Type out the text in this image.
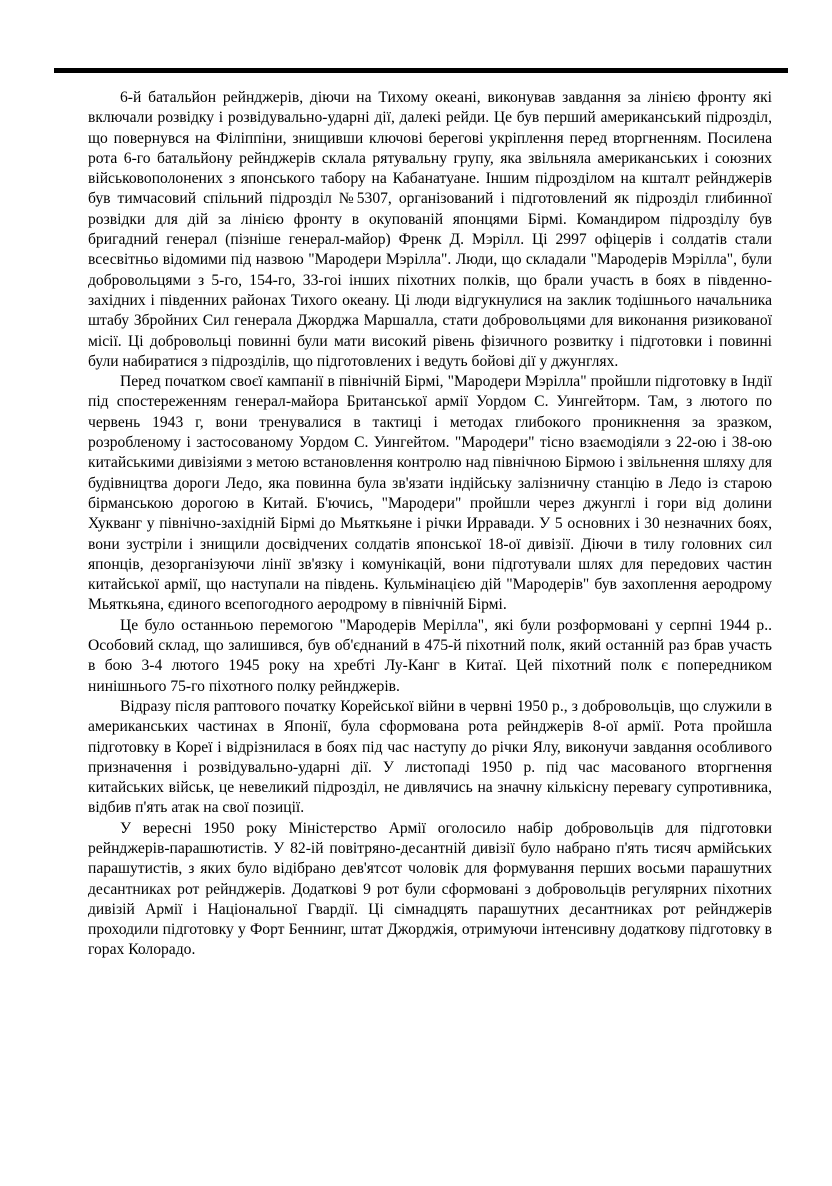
6-й батальйон рейнджерів, діючи на Тихому океані, виконував завдання за лінією фронту які включали розвідку і розвідувально-ударні дії, далекі рейди. Це був перший американський підрозділ, що повернувся на Філіппіни, знищивши ключові берегові укріплення перед вторгненням. Посилена рота 6-го батальйону рейнджерів склала рятувальну групу, яка звільняла американських і союзних військовополонених з японського табору на Кабанатуане. Іншим підрозділом на кшталт рейнджерів був тимчасовий спільний підрозділ №5307, організований і підготовлений як підрозділ глибинної розвідки для дій за лінією фронту в окупованій японцями Бірмі. Командиром підрозділу був бригадний генерал (пізніше генерал-майор) Френк Д. Мэрілл. Ці 2997 офіцерів і солдатів стали всесвітньо відомими під назвою "Мародери Мэрілла". Люди, що складали "Мародерів Мэрілла", були добровольцями з 5-го, 154-го, 33-гоі інших піхотних полків, що брали участь в боях в південно-західних і південних районах Тихого океану. Ці люди відгукнулися на заклик тодішнього начальника штабу Збройних Сил генерала Джорджа Маршалла, стати добровольцями для виконання ризикованої місії. Ці добровольці повинні були мати високий рівень фізичного розвитку і підготовки і повинні були набиратися з підрозділів, що підготовлених і ведуть бойові дії у джунглях.

Перед початком своєї кампанії в північній Бірмі, "Мародери Мэрілла" пройшли підготовку в Індії під спостереженням генерал-майора Британської армії Уордом С. Уингейторм. Там, з лютого по червень 1943 г, вони тренувалися в тактиці і методах глибокого проникнення за зразком, розробленому і застосованому Уордом С. Уингейтом. "Мародери" тісно взаємодіяли з 22-ою і 38-ою китайськими дивізіями з метою встановлення контролю над північною Бірмою і звільнення шляху для будівництва дороги Ледо, яка повинна була зв'язати індійську залізничну станцію в Ледо із старою бірманською дорогою в Китай. Б'ючись, "Мародери" пройшли через джунглі і гори від долини Хукванг у північно-західній Бірмі до Мьяткьяне і річки Ирравади. У 5 основних і 30 незначних боях, вони зустріли і знищили досвідчених солдатів японської 18-ої дивізії. Діючи в тилу головних сил японців, дезорганізуючи лінії зв'язку і комунікацій, вони підготували шлях для передових частин китайської армії, що наступали на південь. Кульмінацією дій "Мародерів" був захоплення аеродрому Мьяткьяна, єдиного всепогодного аеродрому в північній Бірмі.

Це було останньою перемогою "Мародерів Мерілла", які були розформовані у серпні 1944 р.. Особовий склад, що залишився, був об'єднаний в 475-й піхотний полк, який останній раз брав участь в бою 3-4 лютого 1945 року на хребті Лу-Канг в Китаї. Цей піхотний полк є попередником нинішнього 75-го піхотного полку рейнджерів.

Відразу після раптового початку Корейської війни в червні 1950 р., з добровольців, що служили в американських частинах в Японії, була сформована рота рейнджерів 8-ої армії. Рота пройшла підготовку в Кореї і відрізнилася в боях під час наступу до річки Ялу, виконучи завдання особливого призначення і розвідувально-ударні дії. У листопаді 1950 р. під час масованого вторгнення китайських військ, це невеликий підрозділ, не дивлячись на значну кількісну перевагу супротивника, відбив п'ять атак на свої позиції.

У вересні 1950 року Міністерство Армії оголосило набір добровольців для підготовки рейнджерів-парашютистів. У 82-ій повітряно-десантній дивізії було набрано п'ять тисяч армійських парашутистів, з яких було відібрано дев'ятсот чоловік для формування перших восьми парашутних десантниках рот рейнджерів. Додаткові 9 рот були сформовані з добровольців регулярних піхотних дивізій Армії і Національної Гвардії. Ці сімнадцять парашутних десантниках рот рейнджерів проходили підготовку у Форт Беннинг, штат Джорджія, отримуючи інтенсивну додаткову підготовку в горах Колорадо.
